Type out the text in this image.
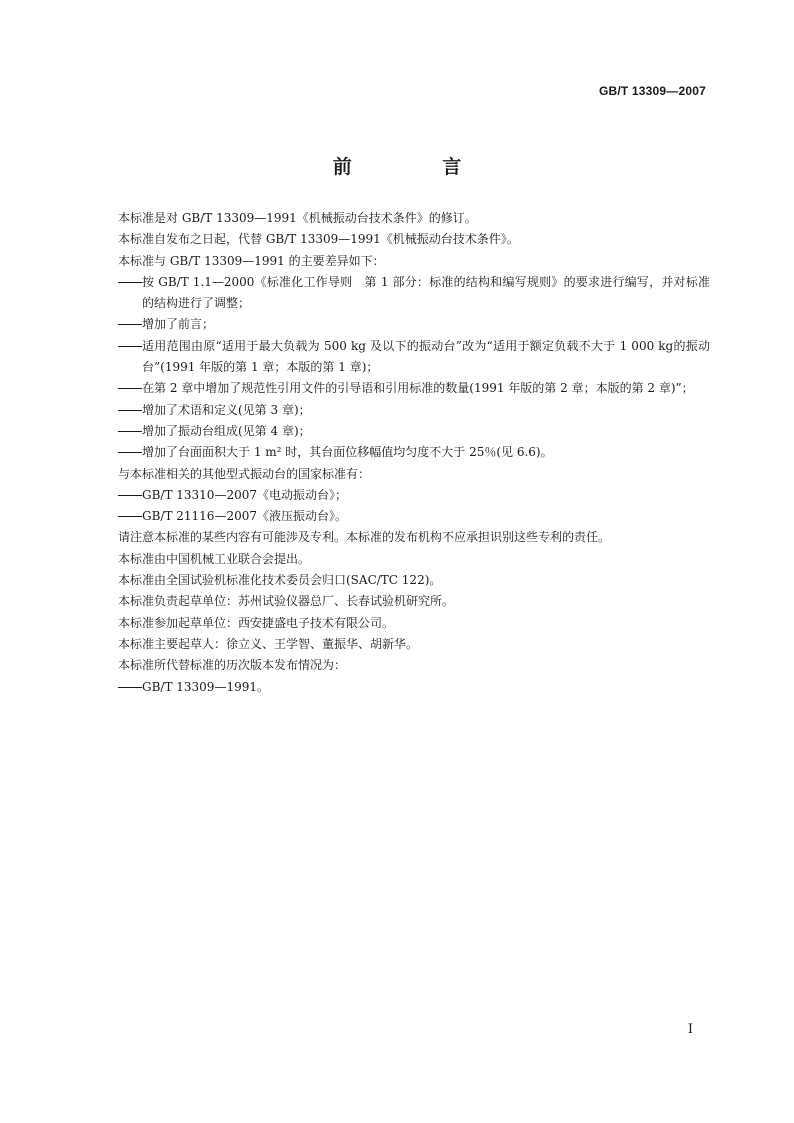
GB/T 13309—2007
前 言
本标准是对 GB/T 13309—1991《机械振动台技术条件》的修订。
本标准自发布之日起，代替 GB/T 13309—1991《机械振动台技术条件》。
本标准与 GB/T 13309—1991 的主要差异如下：
按 GB/T 1.1—2000《标准化工作导则　第 1 部分：标准的结构和编写规则》的要求进行编写，并对标准的结构进行了调整；
增加了前言；
适用范围由原“适用于最大负载为 500 kg 及以下的振动台”改为“适用于额定负载不大于 1 000 kg的振动台”(1991 年版的第 1 章；本版的第 1 章)；
在第 2 章中增加了规范性引用文件的引导语和引用标准的数量(1991 年版的第 2 章；本版的第 2 章)”；
增加了术语和定义(见第 3 章)；
增加了振动台组成(见第 4 章)；
增加了台面面积大于 1 m² 时，其台面位移幅值均匀度不大于 25％(见 6.6)。
与本标准相关的其他型式振动台的国家标准有：
GB/T 13310—2007《电动振动台》；
GB/T 21116—2007《液压振动台》。
请注意本标准的某些内容有可能涉及专利。本标准的发布机构不应承担识别这些专利的责任。
本标准由中国机械工业联合会提出。
本标准由全国试验机标准化技术委员会归口(SAC/TC 122)。
本标准负责起草单位：苏州试验仪器总厂、长春试验机研究所。
本标准参加起草单位：西安捷盛电子技术有限公司。
本标准主要起草人：徐立义、王学智、董振华、胡新华。
本标准所代替标准的历次版本发布情况为：
GB/T 13309—1991。
I
